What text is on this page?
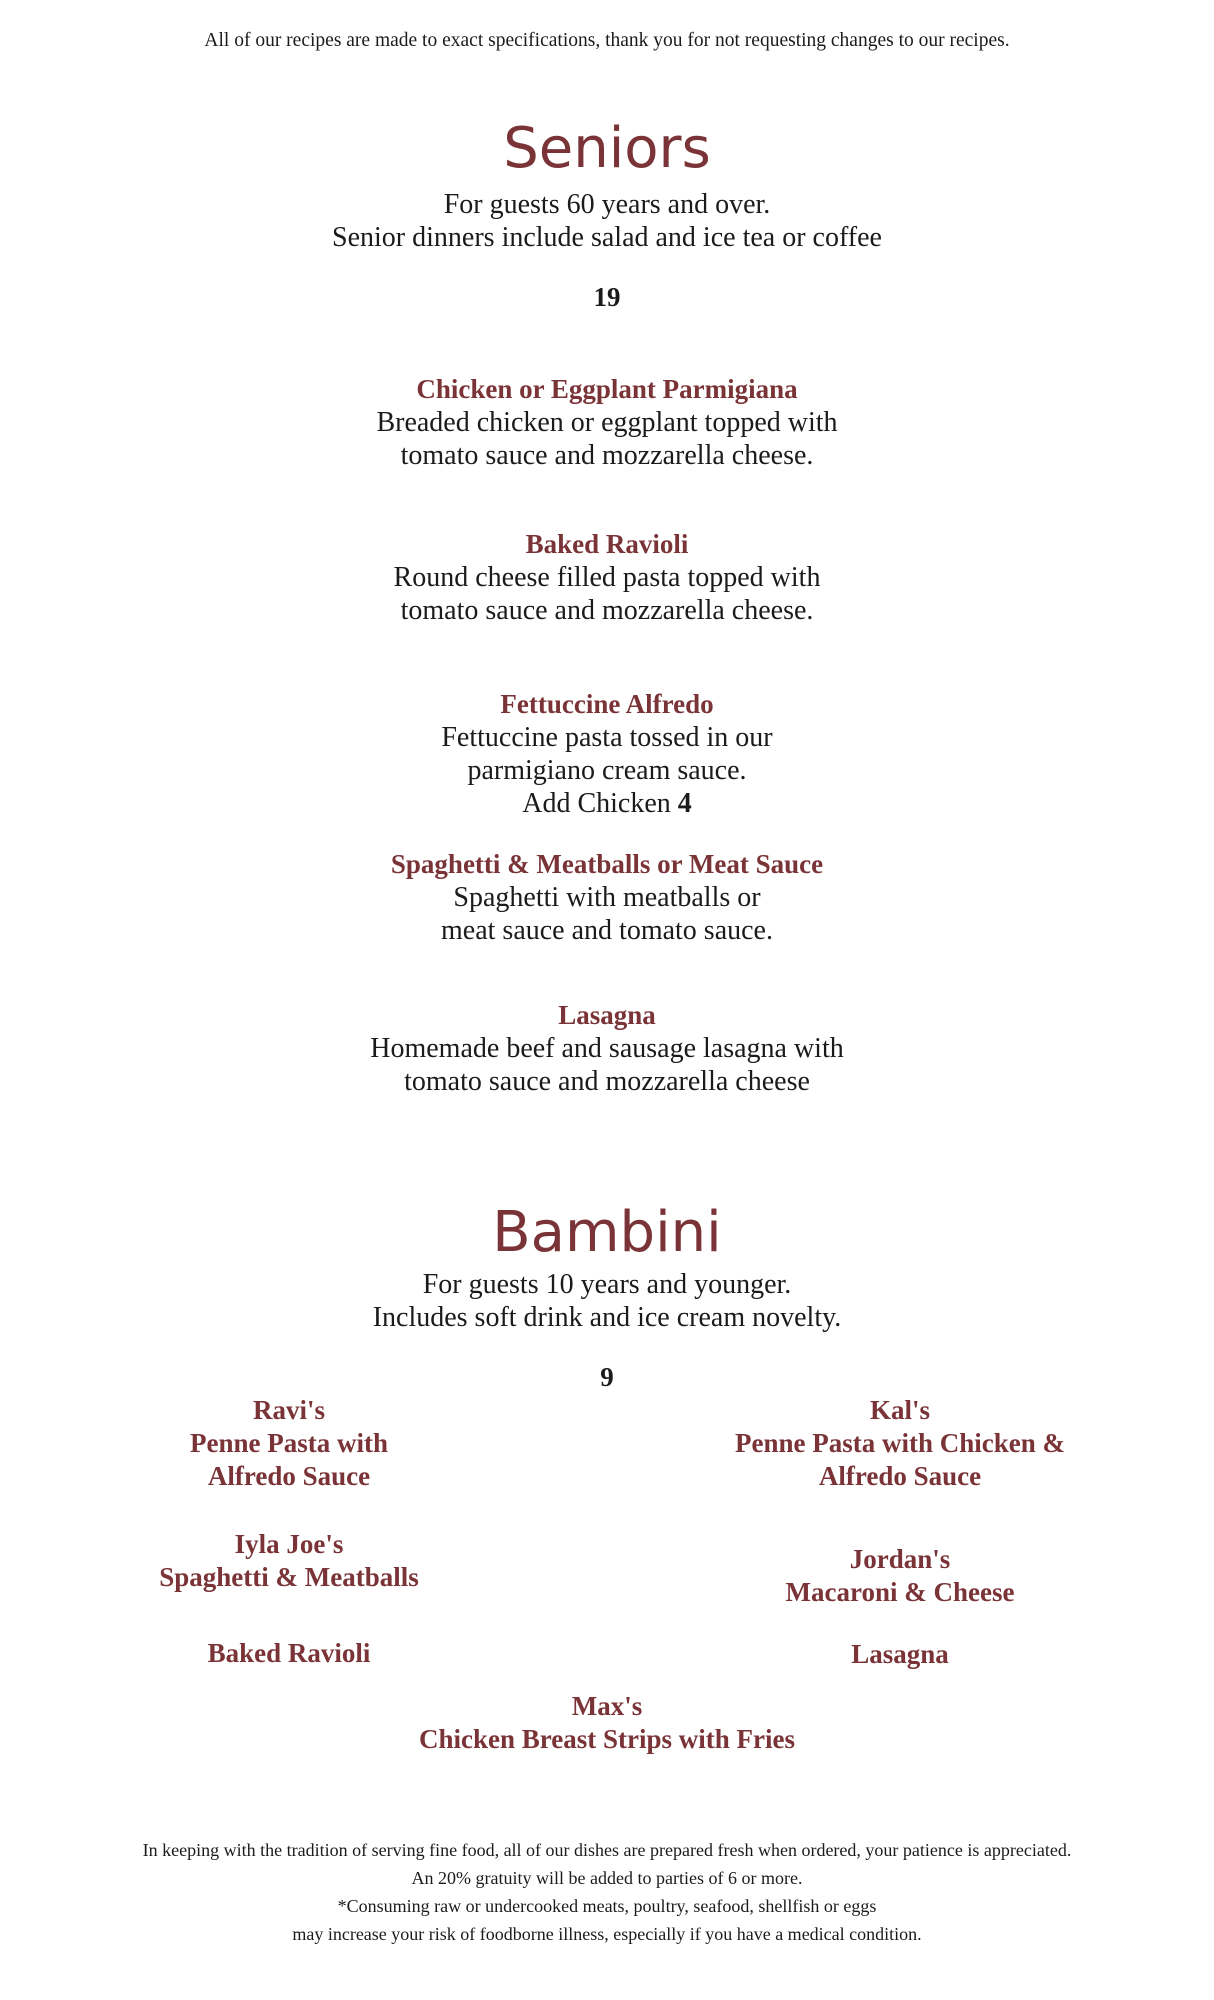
All of our recipes are made to exact specifications, thank you for not requesting changes to our recipes.
Seniors
For guests 60 years and over.
Senior dinners include salad and ice tea or coffee
19
Chicken or Eggplant Parmigiana
Breaded chicken or eggplant topped with
tomato sauce and mozzarella cheese.
Baked Ravioli
Round cheese filled pasta topped with
tomato sauce and mozzarella cheese.
Fettuccine Alfredo
Fettuccine pasta tossed in our
parmigiano cream sauce.
Add Chicken 4
Spaghetti & Meatballs or Meat Sauce
Spaghetti with meatballs or
meat sauce and tomato sauce.
Lasagna
Homemade beef and sausage lasagna with
tomato sauce and mozzarella cheese
Bambini
For guests 10 years and younger.
Includes soft drink and ice cream novelty.
9
Ravi's
Penne Pasta with
Alfredo Sauce
Kal's
Penne Pasta with Chicken &
Alfredo Sauce
Iyla Joe's
Spaghetti & Meatballs
Jordan's
Macaroni & Cheese
Baked Ravioli	Lasagna
Max's
Chicken Breast Strips with Fries
In keeping with the tradition of serving fine food, all of our dishes are prepared fresh when ordered, your patience is appreciated.
An 20% gratuity will be added to parties of 6 or more.
*Consuming raw or undercooked meats, poultry, seafood, shellfish or eggs
may increase your risk of foodborne illness, especially if you have a medical condition.
